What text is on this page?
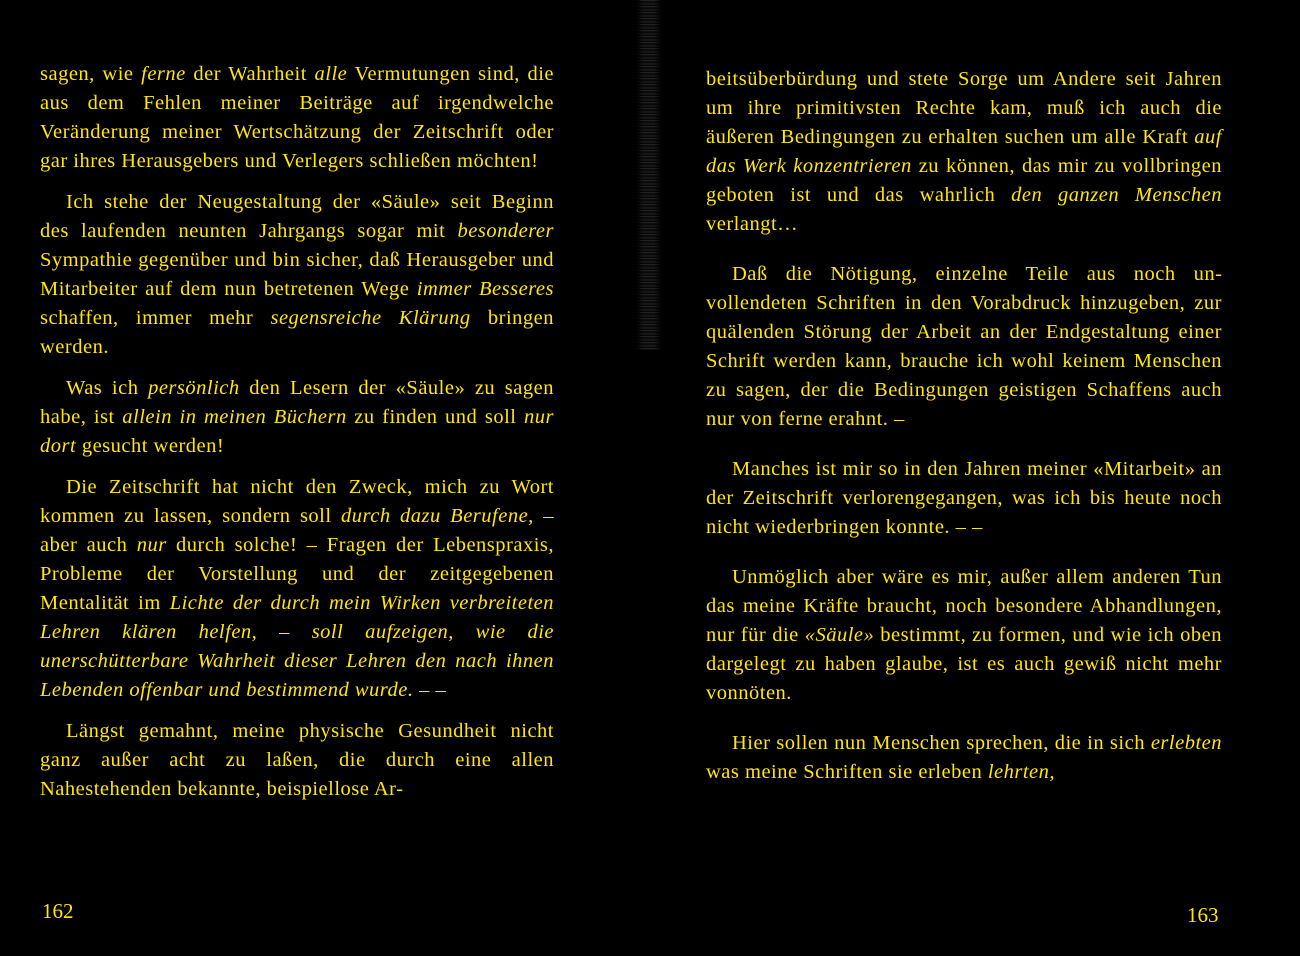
sagen, wie ferne der Wahrheit alle Vermutungen sind, die aus dem Fehlen meiner Beiträge auf irgendwelche Veränderung meiner Wertschätzung der Zeitschrift oder gar ihres Herausgebers und Verlegers schließen möchten!

Ich stehe der Neugestaltung der «Säule» seit Beginn des laufenden neunten Jahrgangs sogar mit besonderer Sympathie gegenüber und bin sicher, daß Herausgeber und Mitarbeiter auf dem nun betretenen Wege immer Besseres schaffen, immer mehr segensreiche Klärung bringen werden.

Was ich persönlich den Lesern der «Säule» zu sagen habe, ist allein in meinen Büchern zu finden und soll nur dort gesucht werden!

Die Zeitschrift hat nicht den Zweck, mich zu Wort kommen zu lassen, sondern soll durch dazu Berufene, – aber auch nur durch solche! – Fragen der Lebenspraxis, Probleme der Vorstellung und der zeitgegebenen Mentalität im Lichte der durch mein Wirken verbreiteten Lehren klären helfen, – soll aufzeigen, wie die unerschütterbare Wahrheit dieser Lehren den nach ihnen Lebenden offenbar und bestimmend wurde. – –

Längst gemahnt, meine physische Gesundheit nicht ganz außer acht zu laßen, die durch eine allen Nahestehenden bekannte, beispiellose Ar-

beitsüberbürdung und stete Sorge um Andere seit Jahren um ihre primitivsten Rechte kam, muß ich auch die äußeren Bedingungen zu erhalten suchen um alle Kraft auf das Werk konzentrieren zu können, das mir zu vollbringen geboten ist und das wahrlich den ganzen Menschen verlangt…

Daß die Nötigung, einzelne Teile aus noch unvollendeten Schriften in den Vorabdruck hinzugeben, zur quälenden Störung der Arbeit an der Endgestaltung einer Schrift werden kann, brauche ich wohl keinem Menschen zu sagen, der die Bedingungen geistigen Schaffens auch nur von ferne erahnt. –

Manches ist mir so in den Jahren meiner «Mitarbeit» an der Zeitschrift verlorengegangen, was ich bis heute noch nicht wiederbringen konnte. – –

Unmöglich aber wäre es mir, außer allem anderen Tun das meine Kräfte braucht, noch besondere Abhandlungen, nur für die «Säule» bestimmt, zu formen, und wie ich oben dargelegt zu haben glaube, ist es auch gewiß nicht mehr vonnöten.

Hier sollen nun Menschen sprechen, die in sich erlebten was meine Schriften sie erleben lehrten,

162	163
